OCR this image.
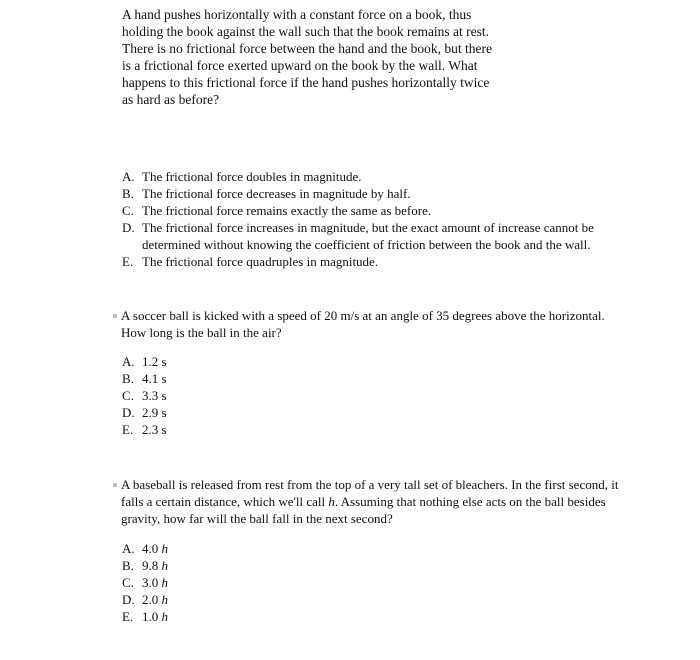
A hand pushes horizontally with a constant force on a book, thus holding the book against the wall such that the book remains at rest. There is no frictional force between the hand and the book, but there is a frictional force exerted upward on the book by the wall. What happens to this frictional force if the hand pushes horizontally twice as hard as before?
A. The frictional force doubles in magnitude.
B. The frictional force decreases in magnitude by half.
C. The frictional force remains exactly the same as before.
D. The frictional force increases in magnitude, but the exact amount of increase cannot be determined without knowing the coefficient of friction between the book and the wall.
E. The frictional force quadruples in magnitude.
A soccer ball is kicked with a speed of 20 m/s at an angle of 35 degrees above the horizontal. How long is the ball in the air?
A. 1.2 s
B. 4.1 s
C. 3.3 s
D. 2.9 s
E. 2.3 s
A baseball is released from rest from the top of a very tall set of bleachers. In the first second, it falls a certain distance, which we'll call h. Assuming that nothing else acts on the ball besides gravity, how far will the ball fall in the next second?
A. 4.0 h
B. 9.8 h
C. 3.0 h
D. 2.0 h
E. 1.0 h
